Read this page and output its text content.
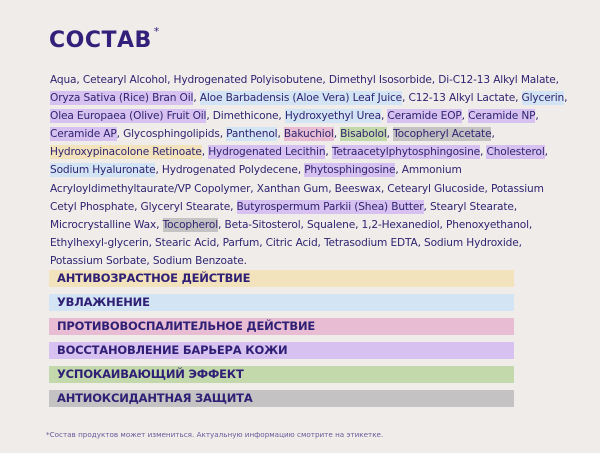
СОСТАВ *
Aqua, Cetearyl Alcohol, Hydrogenated Polyisobutene, Dimethyl Isosorbide, Di-C12-13 Alkyl Malate, Oryza Sativa (Rice) Bran Oil, Aloe Barbadensis (Aloe Vera) Leaf Juice, C12-13 Alkyl Lactate, Glycerin, Olea Europaea (Olive) Fruit Oil, Dimethicone, Hydroxyethyl Urea, Ceramide EOP, Ceramide NP, Ceramide AP, Glycosphingolipids, Panthenol, Bakuchiol, Bisabolol, Tocopheryl Acetate, Hydroxypinacolone Retinoate, Hydrogenated Lecithin, Tetraacetylphytosphingosine, Cholesterol, Sodium Hyaluronate, Hydrogenated Polydecene, Phytosphingosine, Ammonium Acryloyldimethyltaurate/VP Copolymer, Xanthan Gum, Beeswax, Cetearyl Glucoside, Potassium Cetyl Phosphate, Glyceryl Stearate, Butyrospermum Parkii (Shea) Butter, Stearyl Stearate, Microcrystalline Wax, Tocopherol, Beta-Sitosterol, Squalene, 1,2-Hexanediol, Phenoxyethanol, Ethylhexyl-glycerin, Stearic Acid, Parfum, Citric Acid, Tetrasodium EDTA, Sodium Hydroxide, Potassium Sorbate, Sodium Benzoate.
АНТИВОЗРАСТНОЕ ДЕЙСТВИЕ
УВЛАЖНЕНИЕ
ПРОТИВОВОСПАЛИТЕЛЬНОЕ ДЕЙСТВИЕ
ВОССТАНОВЛЕНИЕ БАРЬЕРА КОЖИ
УСПОКАИВАЮЩИЙ ЭФФЕКТ
АНТИОКСИДАНТНАЯ ЗАЩИТА
*Состав продуктов может измениться. Актуальную информацию смотрите на этикетке.
